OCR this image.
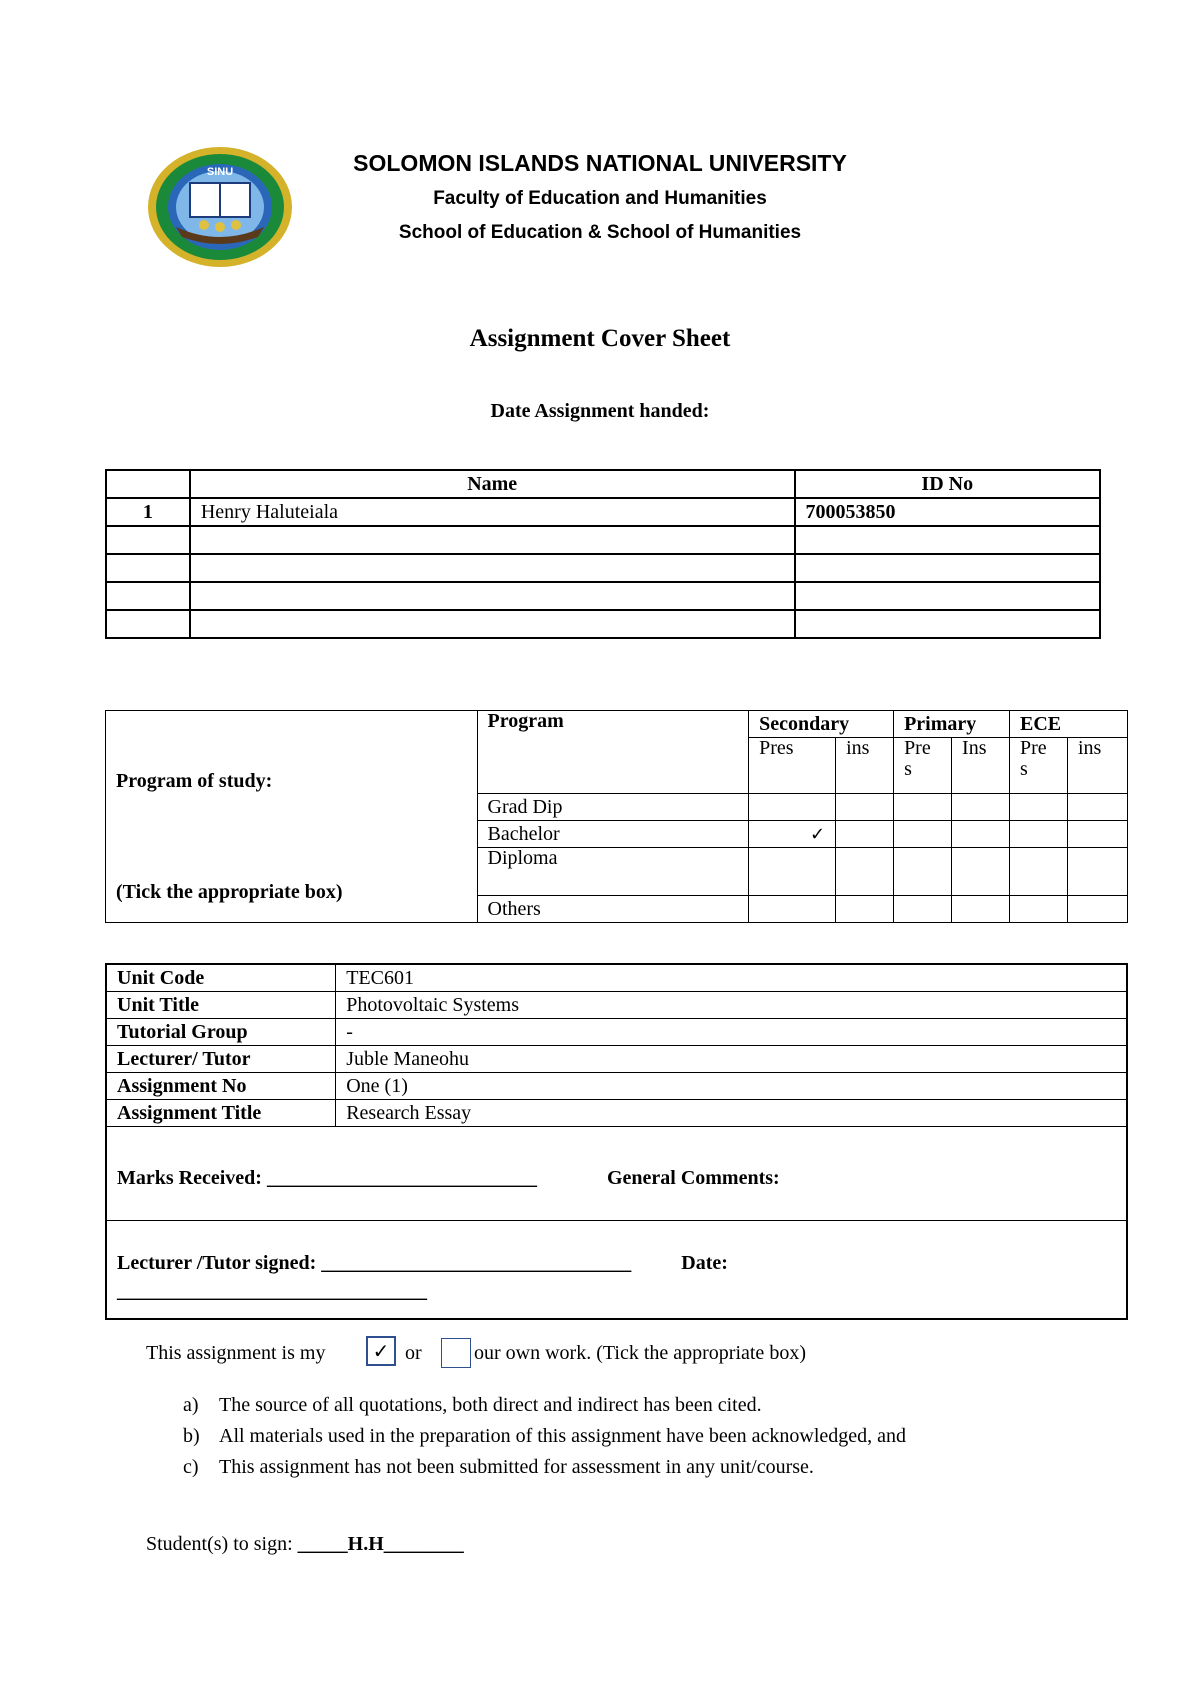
SINU	SOLOMON ISLANDS NATIONAL UNIVERSITY
Faculty of Education and Humanities
School of Education & School of Humanities
Assignment Cover Sheet
Date Assignment handed:
	Name	ID No
1	Henry Haluteiala	700053850

Program of study:
(Tick the appropriate box)	Program	Secondary		Primary		ECE	
		Pres	ins	Pre s	Ins	Pre s	ins
	Grad Dip						
	Bachelor	✓					
	Diploma						
	Others						
Unit Code	TEC601
Unit Title	Photovoltaic Systems
Tutorial Group	-
Lecturer/ Tutor	Juble Maneohu
Assignment No	One (1)
Assignment Title	Research Essay
Marks Received: ___________________________ General Comments:	

Lecturer /Tutor signed: _______________________________ Date:
_______________________________	
This assignment is my	✓ or	our own work. (Tick the appropriate box)
a) The source of all quotations, both direct and indirect has been cited.
b) All materials used in the preparation of this assignment have been acknowledged, and
c) This assignment has not been submitted for assessment in any unit/course.
Student(s) to sign: _____H.H________
